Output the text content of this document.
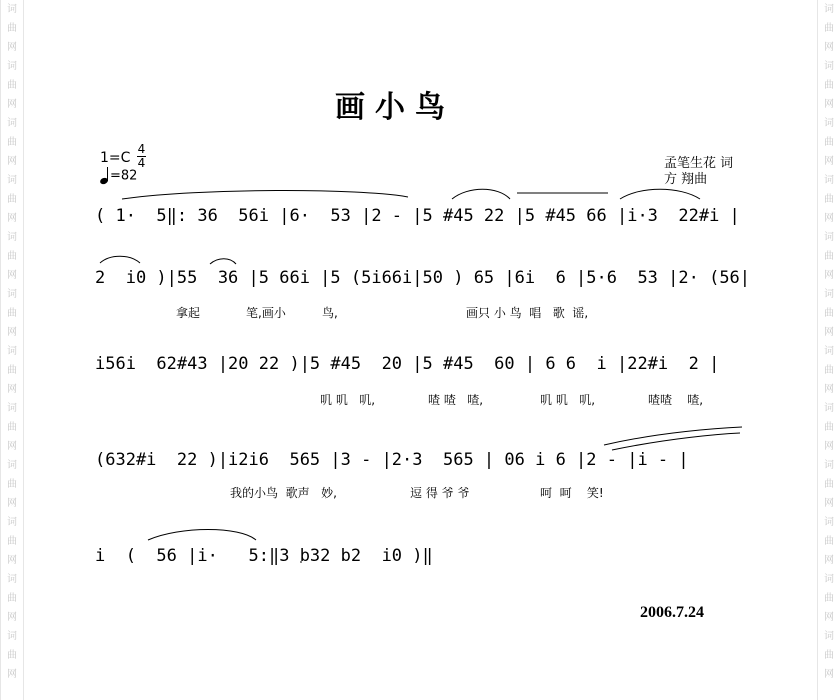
词
曲
网
词
曲
网
词
曲
网
词
曲
网
词
曲
网
词
曲
网
词
曲
网
词
曲
网
词
曲
网
词
曲
网
词
曲
网
词
曲
网
词
曲
网
词
曲
网
词
曲
网
词
曲
网
词
曲
网
词
曲
网
词
曲
网
词
曲
网
词
曲
网
词
曲
网
词
曲
网
词
曲
网
画小鸟
1=C
4
4
=82
孟笔生花 词
方 翔曲
( 1·  5‖: 36  56i |6·  53 |2 - |5 #45 22 |5 #45 66 |i·3  22#i |
2  i0 )|55  36 |5 66i |5 (5i66i|50 ) 65 |6i  6 |5·6  53 |2· (56|
i56i  62#43 |20 22 )|5 #45  20 |5 #45  60 | 6 6  i |22#i  2 |
(632#i  22 )|i2i6  565 |3 - |2·3  565 | 06 i 6 |2 - |i - |
i  (  56 |i·   5:‖3 b32 b2  i0 )‖
拿起	笔,画小	鸟,	画只 小 鸟  唱   歌  谣,
叽 叽   叽,	喳 喳   喳,	叽 叽   叽,	喳喳    喳,
我的小鸟  歌声   妙,	逗 得 爷 爷	呵  呵    笑!
2006.7.24
